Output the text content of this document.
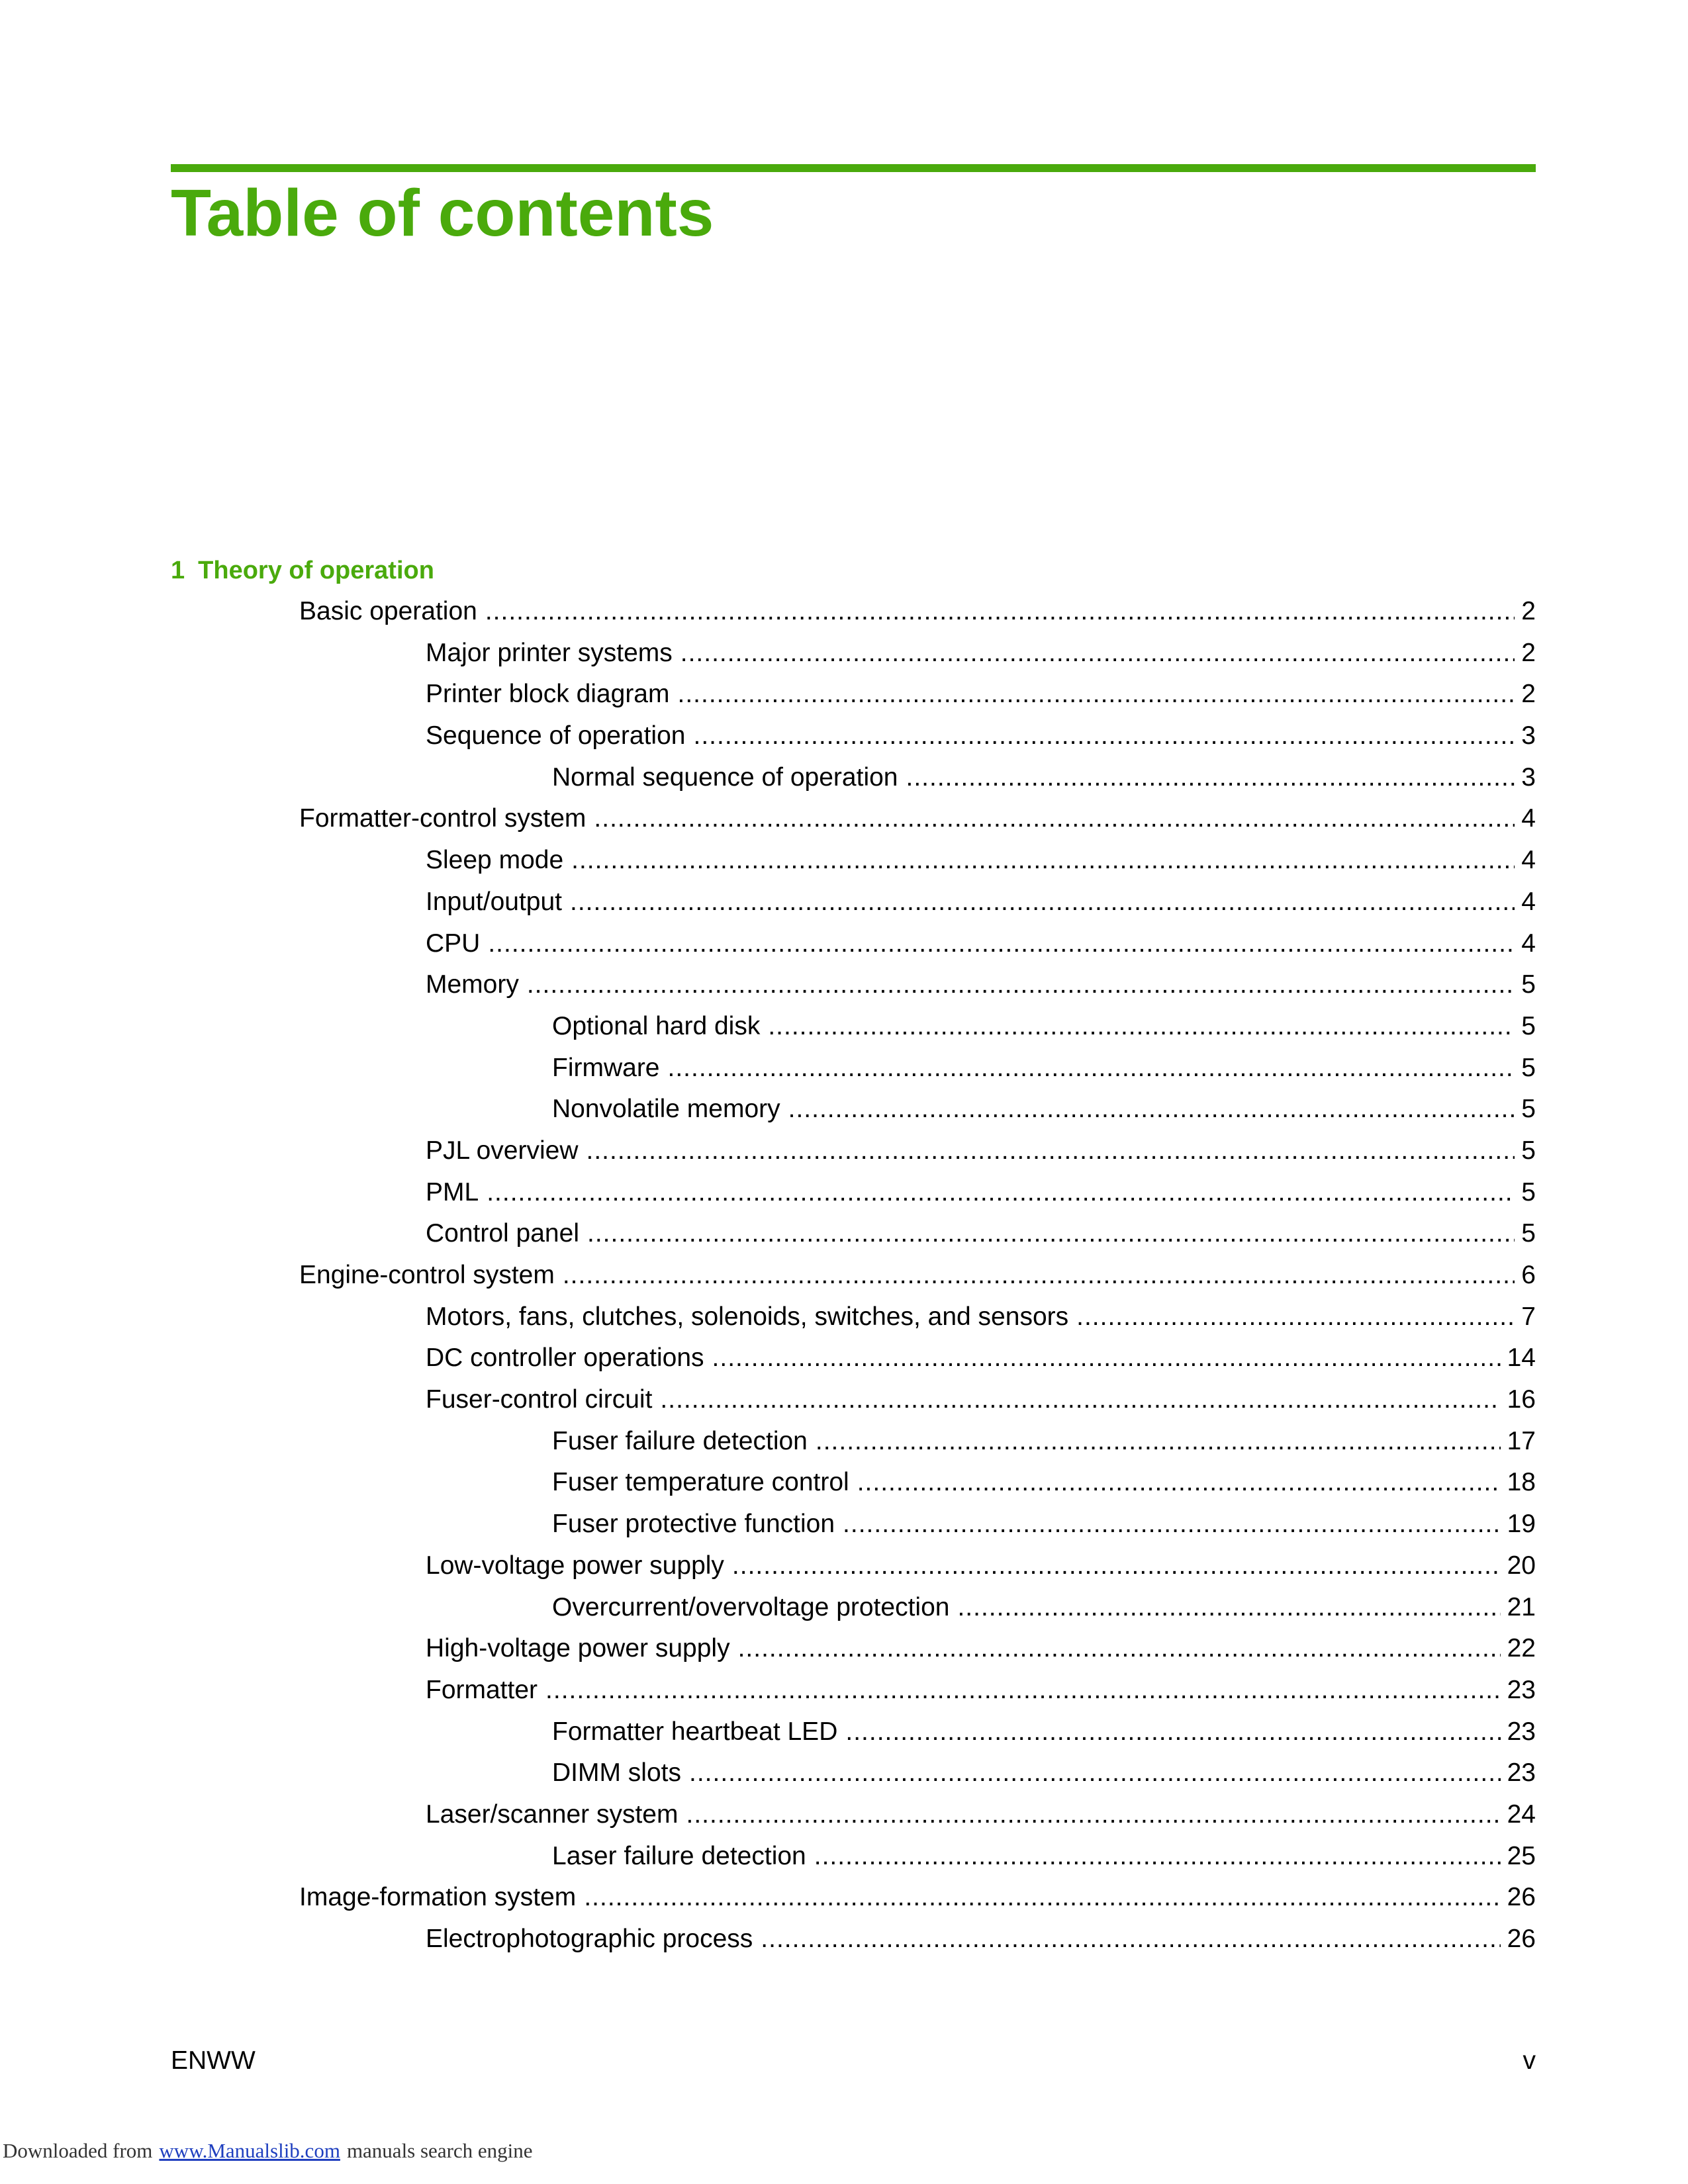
Table of contents
1 Theory of operation
Basic operation .....	2
Major printer systems .....	2
Printer block diagram .....	2
Sequence of operation .....	3
Normal sequence of operation .....	3
Formatter-control system .....	4
Sleep mode .....	4
Input/output .....	4
CPU .....	4
Memory .....	5
Optional hard disk .....	5
Firmware .....	5
Nonvolatile memory .....	5
PJL overview .....	5
PML .....	5
Control panel .....	5
Engine-control system .....	6
Motors, fans, clutches, solenoids, switches, and sensors .....	7
DC controller operations .....	14
Fuser-control circuit .....	16
Fuser failure detection .....	17
Fuser temperature control .....	18
Fuser protective function .....	19
Low-voltage power supply .....	20
Overcurrent/overvoltage protection .....	21
High-voltage power supply .....	22
Formatter .....	23
Formatter heartbeat LED .....	23
DIMM slots .....	23
Laser/scanner system .....	24
Laser failure detection .....	25
Image-formation system .....	26
Electrophotographic process .....	26
ENWW	v
Downloaded from www.Manualslib.com manuals search engine
